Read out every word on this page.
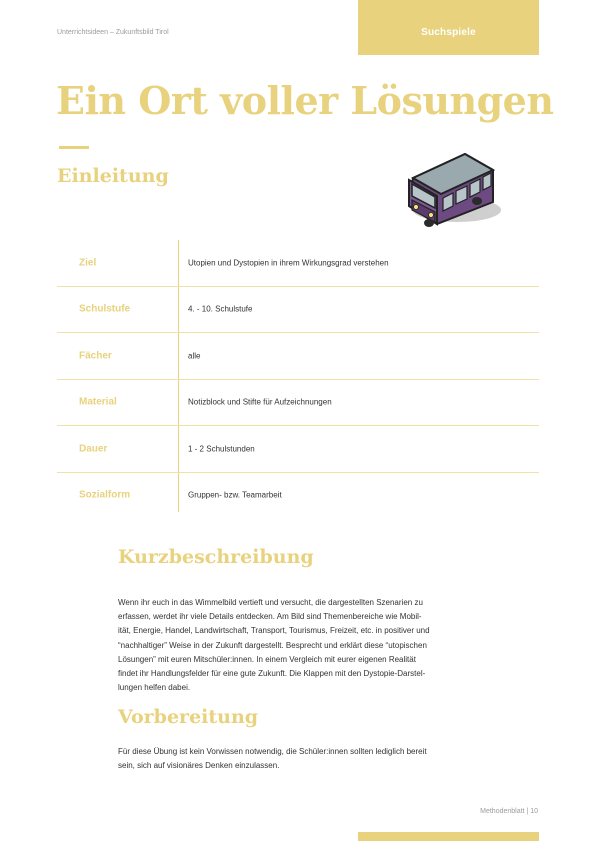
Unterrichtsideen – Zukunftsbild Tirol	Suchspiele
Ein Ort voller Lösungen
Einleitung
Ziel	Utopien und Dystopien in ihrem Wirkungsgrad verstehen
Schulstufe	4. - 10. Schulstufe
Fächer	alle
Material	Notizblock und Stifte für Aufzeichnungen
Dauer	1 - 2 Schulstunden
Sozialform	Gruppen- bzw. Teamarbeit
Kurzbeschreibung
Wenn ihr euch in das Wimmelbild vertieft und versucht, die dargestellten Szenarien zu
erfassen, werdet ihr viele Details entdecken. Am Bild sind Themenbereiche wie Mobil-
ität, Energie, Handel, Landwirtschaft, Transport, Tourismus, Freizeit, etc. in positiver und
“nachhaltiger” Weise in der Zukunft dargestellt. Besprecht und erklärt diese “utopischen
Lösungen” mit euren Mitschüler:innen. In einem Vergleich mit eurer eigenen Realität
findet ihr Handlungsfelder für eine gute Zukunft. Die Klappen mit den Dystopie-Darstel-
lungen helfen dabei.
Vorbereitung
Für diese Übung ist kein Vorwissen notwendig, die Schüler:innen sollten lediglich bereit
sein, sich auf visionäres Denken einzulassen.
Methodenblatt | 10
